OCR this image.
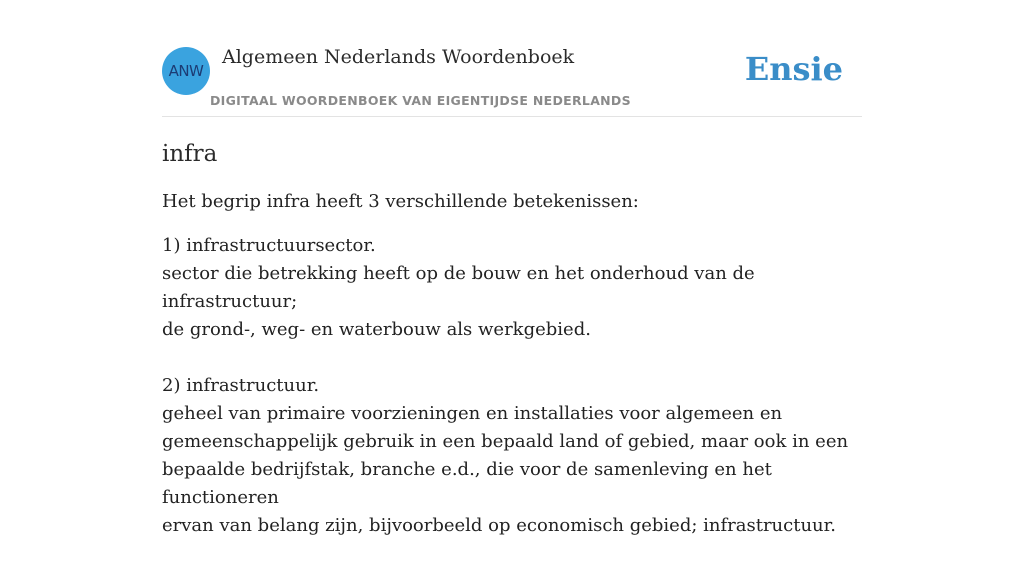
ANW
Algemeen Nederlands Woordenboek
DIGITAAL WOORDENBOEK VAN EIGENTIJDSE NEDERLANDS
Ensie
infra

Het begrip infra heeft 3 verschillende betekenissen:

1) infrastructuursector.
sector die betrekking heeft op de bouw en het onderhoud van de infrastructuur;
de grond-, weg- en waterbouw als werkgebied.
2) infrastructuur.
geheel van primaire voorzieningen en installaties voor algemeen en
gemeenschappelijk gebruik in een bepaald land of gebied, maar ook in een
bepaalde bedrijfstak, branche e.d., die voor de samenleving en het functioneren
ervan van belang zijn, bijvoorbeeld op economisch gebied; infrastructuur.
